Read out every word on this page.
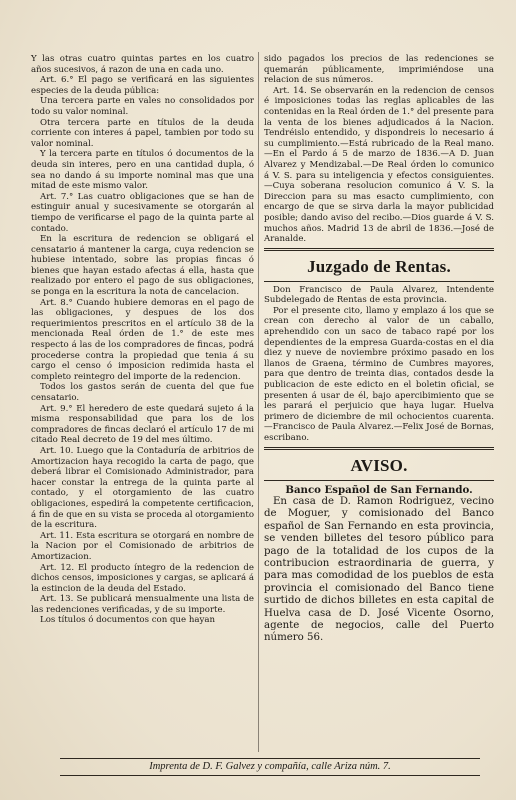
Y las otras cuatro quintas partes en los cuatro años sucesivos, á razon de una en cada uno.

Art. 6.° El pago se verificará en las siguientes especies de la deuda pública:

Una tercera parte en vales no consolidados por todo su valor nominal.

Otra tercera parte en títulos de la deuda corriente con interes á papel, tambien por todo su valor nominal.

Y la tercera parte en títulos ó documentos de la deuda sin interes, pero en una cantidad dupla, ó sea no dando á su importe nominal mas que una mitad de este mismo valor.

Art. 7.° Las cuatro obligaciones que se han de estinguir anual y sucesivamente se otorgarán al tiempo de verificarse el pago de la quinta parte al contado.

En la escritura de redencion se obligará el censatario á mantener la carga, cuya redencion se hubiese intentado, sobre las propias fincas ó bienes que hayan estado afectas á ella, hasta que realizado por entero el pago de sus obligaciones, se ponga en la escritura la nota de cancelacion.

Art. 8.° Cuando hubiere demoras en el pago de las obligaciones, y despues de los dos requerimientos prescritos en el artículo 38 de la mencionada Real órden de 1.° de este mes respecto á las de los compradores de fincas, podrá procederse contra la propiedad que tenia á su cargo el censo ó imposicion redimida hasta el completo reintegro del importe de la redencion.

Todos los gastos serán de cuenta del que fue censatario.

Art. 9.° El heredero de este quedará sujeto á la misma responsabilidad que para los de los compradores de fincas declaró el artículo 17 de mi citado Real decreto de 19 del mes último.

Art. 10. Luego que la Contaduría de arbitrios de Amortizacion haya recogido la carta de pago, que deberá librar el Comisionado Administrador, para hacer constar la entrega de la quinta parte al contado, y el otorgamiento de las cuatro obligaciones, espedirá la competente certificacion, á fin de que en su vista se proceda al otorgamiento de la escritura.

Art. 11. Esta escritura se otorgará en nombre de la Nacion por el Comisionado de arbitrios de Amortizacion.

Art. 12. El producto íntegro de la redencion de dichos censos, imposiciones y cargas, se aplicará á la estincion de la deuda del Estado.

Art. 13. Se publicará mensualmente una lista de las redenciones verificadas, y de su importe.

Los títulos ó documentos con que hayan

sido pagados los precios de las redenciones se quemarán públicamente, imprimiéndose una relacion de sus números.

Art. 14. Se observarán en la redencion de censos é imposiciones todas las reglas aplicables de las contenidas en la Real órden de 1.° del presente para la venta de los bienes adjudicados á la Nacion. Tendréislo entendido, y dispondreis lo necesario á su cumplimiento.—Está rubricado de la Real mano.—En el Pardo á 5 de marzo de 1836.—A D. Juan Alvarez y Mendizabal.—De Real órden lo comunico á V. S. para su inteligencia y efectos consiguientes.—Cuya soberana resolucion comunico á V. S. la Direccion para su mas esacto cumplimiento, con encargo de que se sirva darla la mayor publicidad posible; dando aviso del recibo.—Dios guarde á V. S. muchos años. Madrid 13 de abril de 1836.—José de Aranalde.

Juzgado de Rentas.

Don Francisco de Paula Alvarez, Intendente Subdelegado de Rentas de esta provincia.

Por el presente cito, llamo y emplazo á los que se crean con derecho al valor de un caballo, aprehendido con un saco de tabaco rapé por los dependientes de la empresa Guarda-costas en el dia diez y nueve de noviembre próximo pasado en los llanos de Graena, término de Cumbres mayores, para que dentro de treinta dias, contados desde la publicacion de este edicto en el boletin oficial, se presenten á usar de él, bajo apercibimiento que se les parará el perjuicio que haya lugar. Huelva primero de diciembre de mil ochocientos cuarenta.—Francisco de Paula Alvarez.—Felix José de Bornas, escribano.

AVISO.

Banco Español de San Fernando.

En casa de D. Ramon Rodriguez, vecino de Moguer, y comisionado del Banco español de San Fernando en esta provincia, se venden billetes del tesoro público para pago de la totalidad de los cupos de la contribucion estraordinaria de guerra, y para mas comodidad de los pueblos de esta provincia el comisionado del Banco tiene surtido de dichos billetes en esta capital de Huelva casa de D. José Vicente Osorno, agente de negocios, calle del Puerto número 56.

Imprenta de D. F. Galvez y compañía, calle Ariza núm. 7.
